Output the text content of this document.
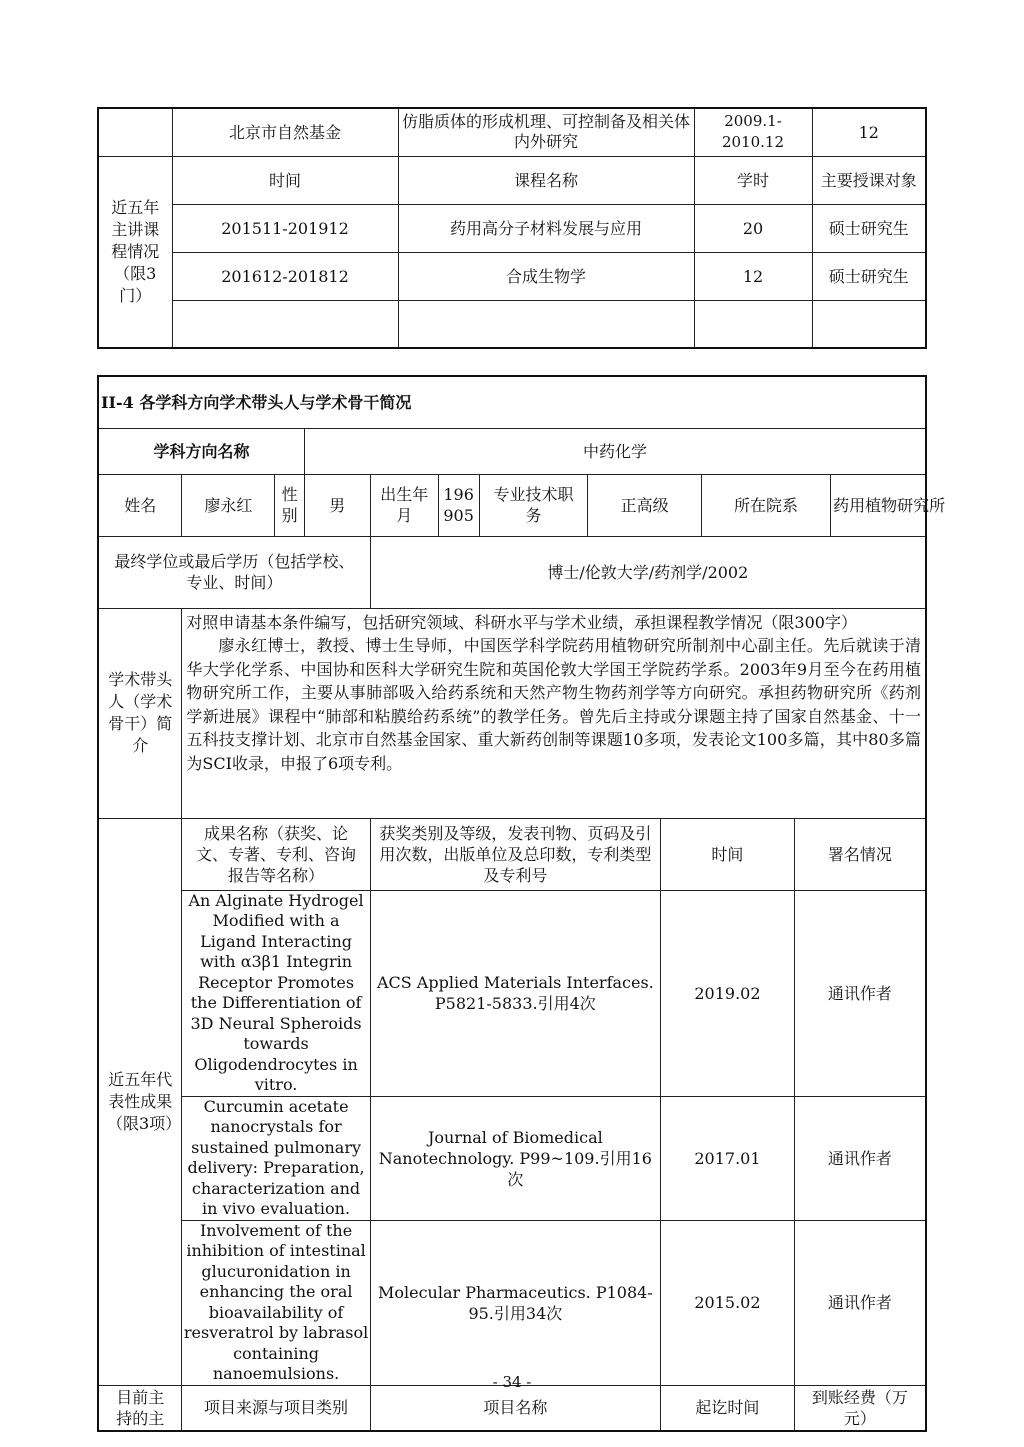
	北京市自然基金	仿脂质体的形成机理、可控制备及相关体内外研究	2009.1-2010.12	12
近五年主讲课程情况（限3门）	时间	课程名称	学时	主要授课对象
	201511-201912	药用高分子材料发展与应用	20	硕士研究生
	201612-201812	合成生物学	12	硕士研究生

II-4 各学科方向学术带头人与学术骨干简况											
学科方向名称			中药化学								
姓名	廖永红	性别	男	出生年月	196905	专业技术职　　务	正高级		所在院系		药用植物研究所
最终学位或最后学历（包括学校、专业、时间）				博士/伦敦大学/药剂学/2002							
学术带头人（学术骨干）简介	对照申请基本条件编写，包括研究领域、科研水平与学术业绩，承担课程教学情况（限300字）

廖永红博士，教授、博士生导师，中国医学科学院药用植物研究所制剂中心副主任。先后就读于清华大学化学系、中国协和医科大学研究生院和英国伦敦大学国王学院药学系。2003年9月至今在药用植物研究所工作，主要从事肺部吸入给药系统和天然产物生物药剂学等方向研究。承担药物研究所《药剂学新进展》课程中“肺部和粘膜给药系统”的教学任务。曾先后主持或分课题主持了国家自然基金、十一五科技支撑计划、北京市自然基金国家、重大新药创制等课题10多项，发表论文100多篇，其中80多篇为SCI收录，申报了6项专利。										

近五年代表性成果（限3项）	成果名称（获奖、论文、专著、专利、咨询报告等名称）			获奖类别及等级，发表刊物、页码及引用次数，出版单位及总印数，专利类型及专利号				时间		署名情况	
	An Alginate Hydrogel Modified with a Ligand Interacting with α3β1 Integrin Receptor Promotes the Differentiation of 3D Neural Spheroids towards Oligodendrocytes in vitro.			ACS Applied Materials Interfaces. P5821-5833.引用4次				2019.02		通讯作者	
	Curcumin acetate nanocrystals for sustained pulmonary delivery: Preparation, characterization and in vivo evaluation.			Journal of Biomedical Nanotechnology. P99~109.引用16次				2017.01		通讯作者	
	Involvement of the inhibition of intestinal glucuronidation in enhancing the oral bioavailability of resveratrol by labrasol containing nanoemulsions.			Molecular Pharmaceutics. P1084-95.引用34次				2015.02		通讯作者	
目前主持的主	项目来源与项目类别			项目名称				起讫时间		到账经费（万元）	
- 34 -
